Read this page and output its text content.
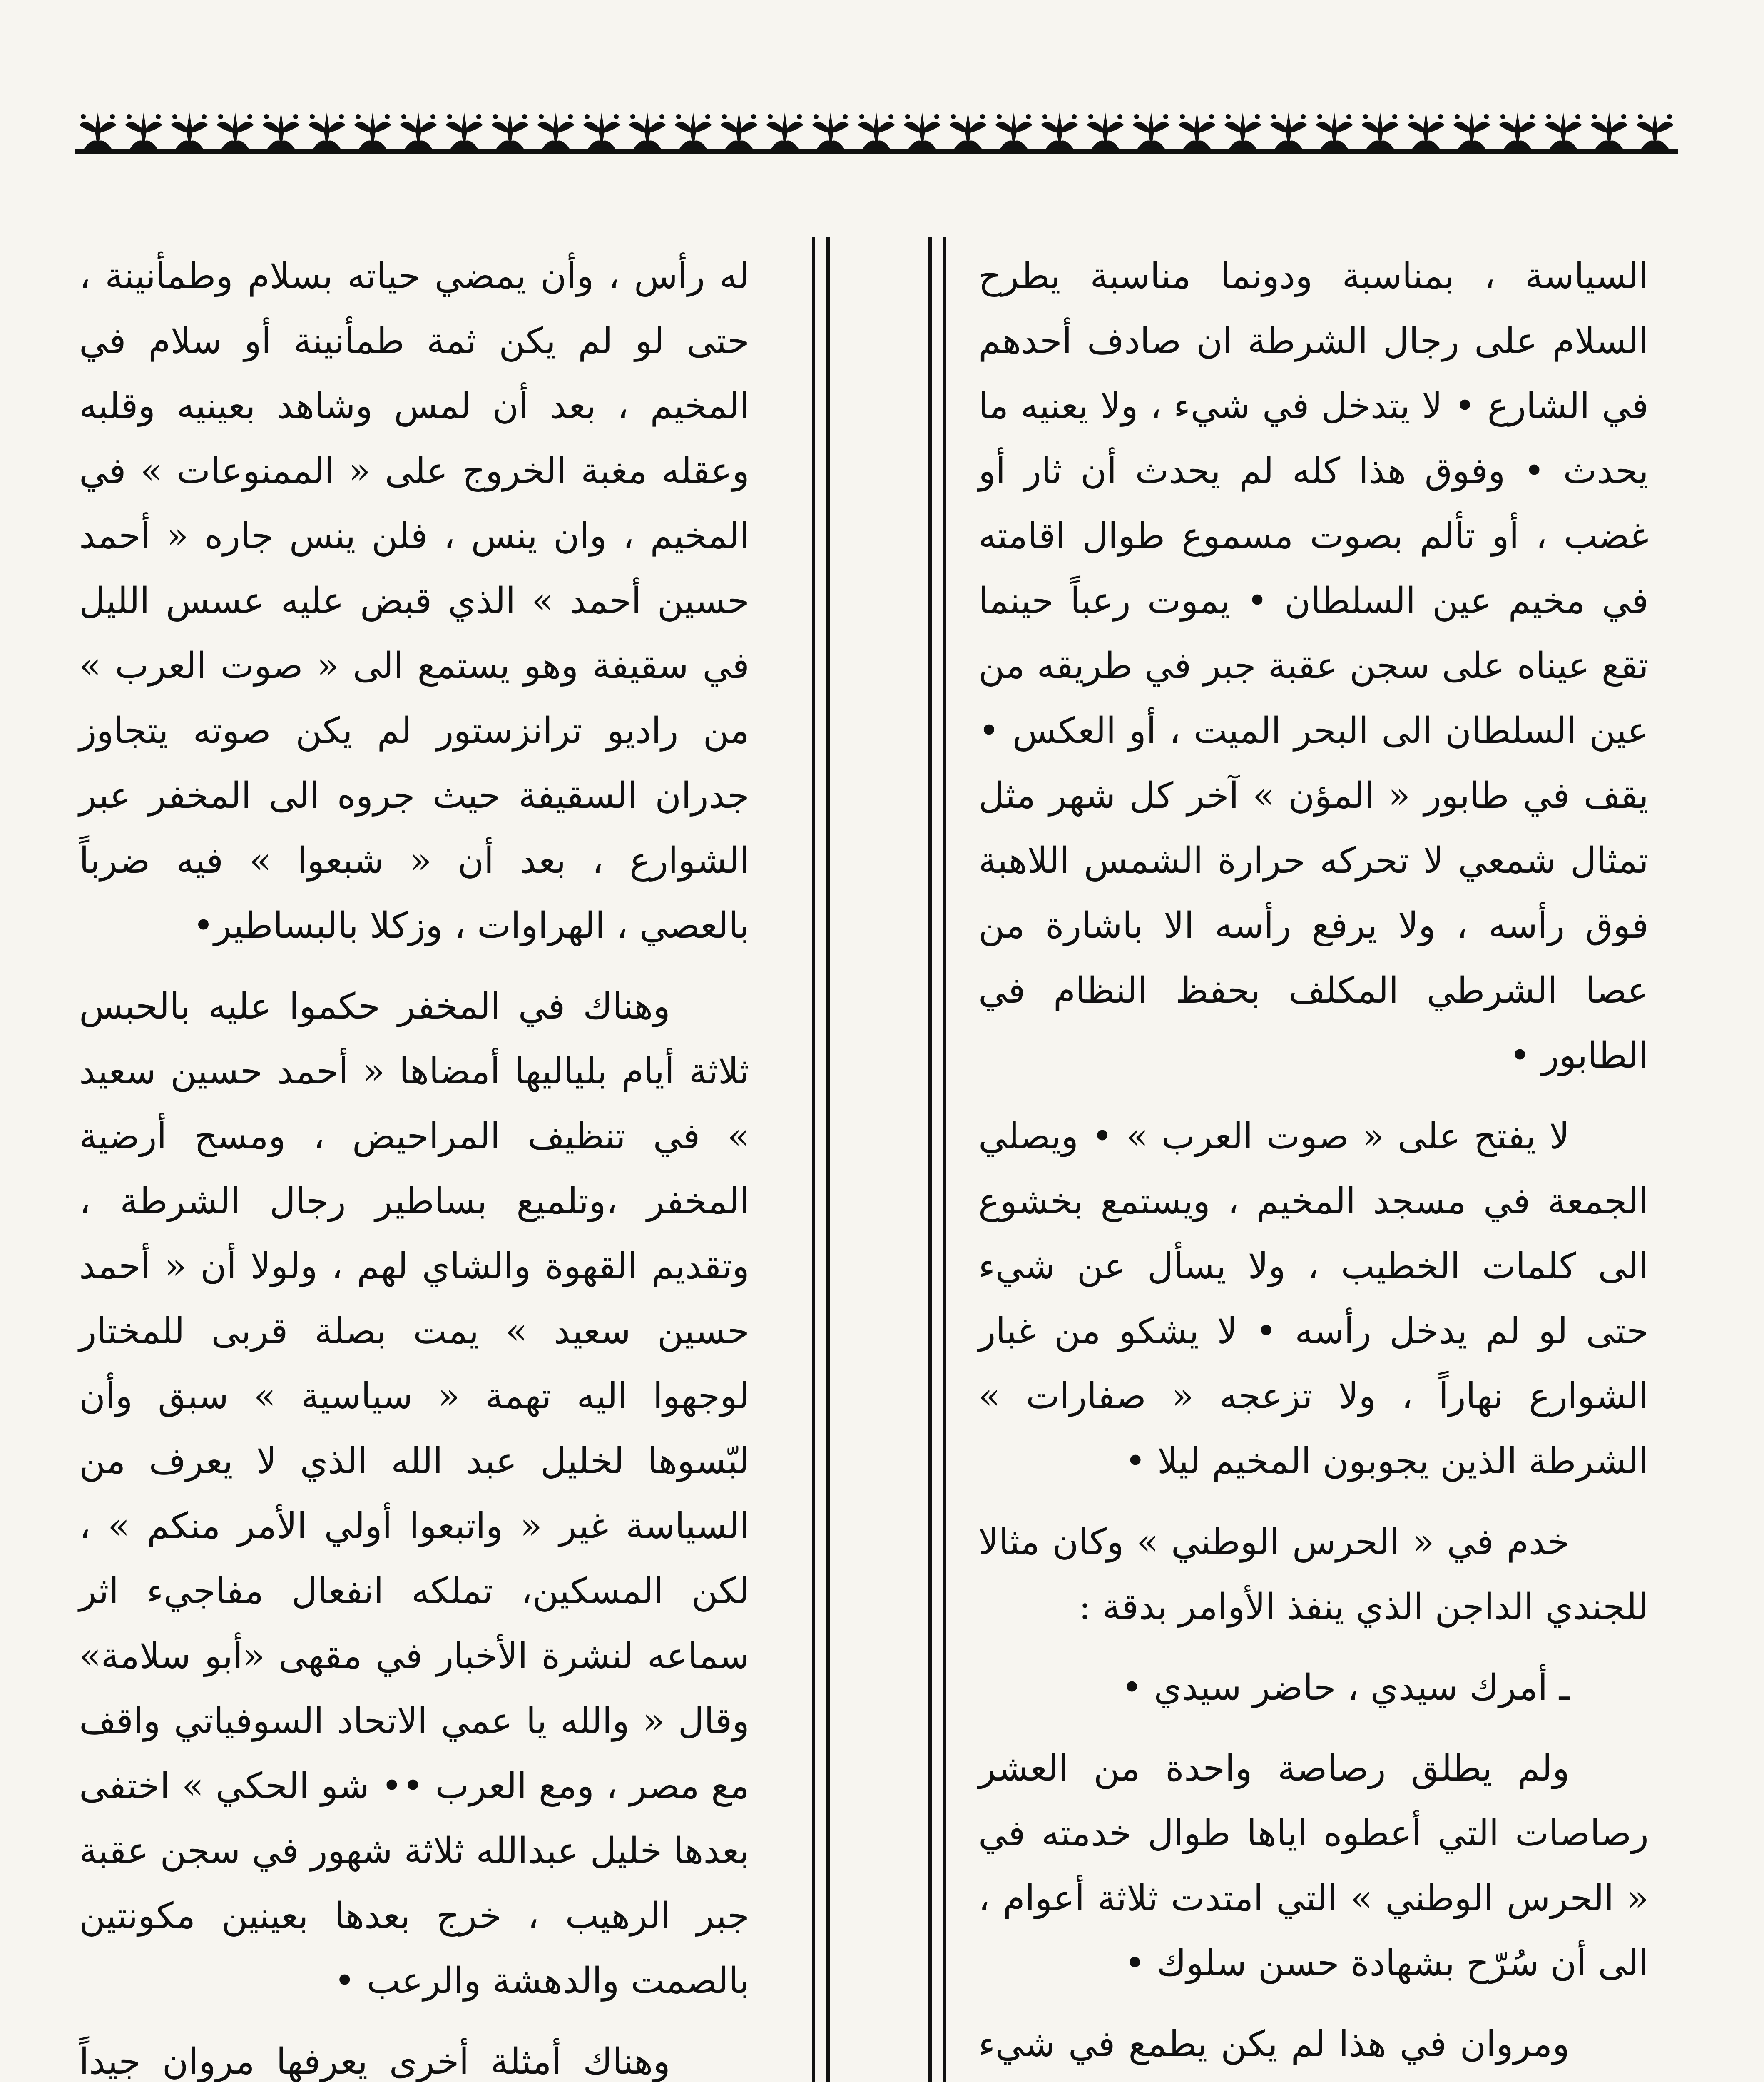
السياسة ، بمناسبة ودونما مناسبة يطرح السلام على رجال الشرطة ان صادف أحدهم في الشارع • لا يتدخل في شيء ، ولا يعنيه ما يحدث • وفوق هذا كله لم يحدث أن ثار أو غضب ، أو تألم بصوت مسموع طوال اقامته في مخيم عين السلطان • يموت رعباً حينما تقع عيناه على سجن عقبة جبر في طريقه من عين السلطان الى البحر الميت ، أو العكس • يقف في طابور « المؤن » آخر كل شهر مثل تمثال شمعي لا تحركه حرارة الشمس اللاهبة فوق رأسه ، ولا يرفع رأسه الا باشارة من عصا الشرطي المكلف بحفظ النظام في الطابور •

لا يفتح على « صوت العرب » • ويصلي الجمعة في مسجد المخيم ، ويستمع بخشوع الى كلمات الخطيب ، ولا يسأل عن شيء حتى لو لم يدخل رأسه • لا يشكو من غبار الشوارع نهاراً ، ولا تزعجه « صفارات » الشرطة الذين يجوبون المخيم ليلا •

خدم في « الحرس الوطني » وكان مثالا للجندي الداجن الذي ينفذ الأوامر بدقة :

ـ أمرك سيدي ، حاضر سيدي •

ولم يطلق رصاصة واحدة من العشر رصاصات التي أعطوه اياها طوال خدمته في « الحرس الوطني » التي امتدت ثلاثة أعوام ، الى أن سُرّح بشهادة حسن سلوك •

ومروان في هذا لم يكن يطمع في شيء

له رأس ، وأن يمضي حياته بسلام وطمأنينة ، حتى لو لم يكن ثمة طمأنينة أو سلام في المخيم ، بعد أن لمس وشاهد بعينيه وقلبه وعقله مغبة الخروج على « الممنوعات » في المخيم ، وان ينس ، فلن ينس جاره « أحمد حسين أحمد » الذي قبض عليه عسس الليل في سقيفة وهو يستمع الى « صوت العرب » من راديو ترانزستور لم يكن صوته يتجاوز جدران السقيفة حيث جروه الى المخفر عبر الشوارع ، بعد أن « شبعوا » فيه ضرباً بالعصي ، الهراوات ، وزكلا بالبساطير•

وهناك في المخفر حكموا عليه بالحبس ثلاثة أيام بلياليها أمضاها « أحمد حسين سعيد » في تنظيف المراحيض ، ومسح أرضية المخفر ،وتلميع بساطير رجال الشرطة ، وتقديم القهوة والشاي لهم ، ولولا أن « أحمد حسين سعيد » يمت بصلة قربى للمختار لوجهوا اليه تهمة « سياسية » سبق وأن لبّسوها لخليل عبد الله الذي لا يعرف من السياسة غير « واتبعوا أولي الأمر منكم » ، لكن المسكين، تملكه انفعال مفاجيء اثر سماعه لنشرة الأخبار في مقهى «أبو سلامة» وقال « والله يا عمي الاتحاد السوفياتي واقف مع مصر ، ومع العرب •• شو الحكي » اختفى بعدها خليل عبدالله ثلاثة شهور في سجن عقبة جبر الرهيب ، خرج بعدها بعينين مكونتين بالصمت والدهشة والرعب •

وهناك أمثلة أخرى يعرفها مروان جيداً
